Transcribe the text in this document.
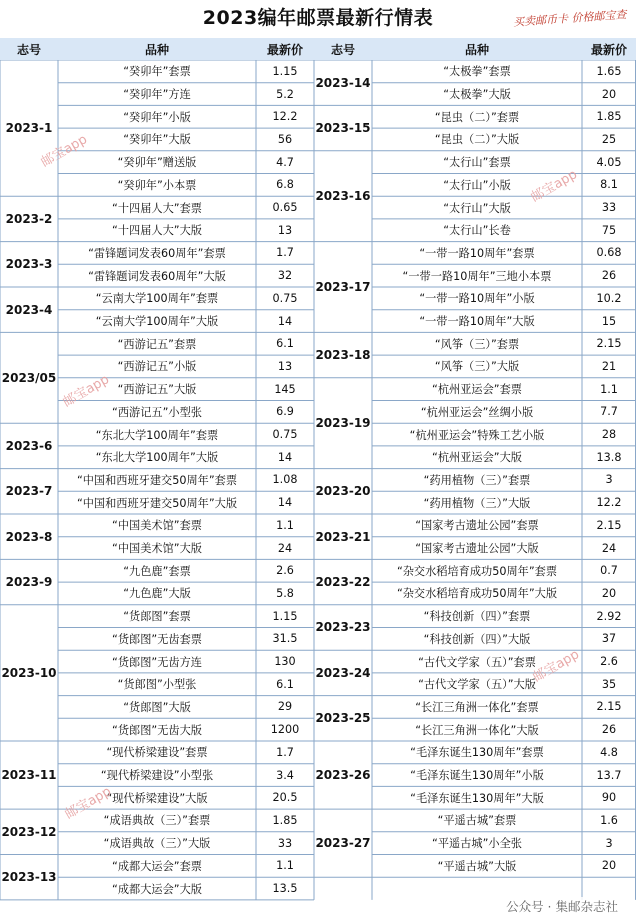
2023编年邮票最新行情表	买卖邮币卡 价格邮宝查
志号	品种	最新价	志号	品种	最新价
2023-1
“癸卯年”套票	1.15
“癸卯年”方连	5.2
“癸卯年”小版	12.2
“癸卯年”大版	56
“癸卯年”赠送版	4.7
“癸卯年”小本票	6.8
2023-2
“十四届人大”套票	0.65
“十四届人大”大版	13
2023-3
“雷锋题词发表60周年”套票	1.7
“雷锋题词发表60周年”大版	32
2023-4
“云南大学100周年”套票	0.75
“云南大学100周年”大版	14
2023/05
“西游记五”套票	6.1
“西游记五”小版	13
“西游记五”大版	145
“西游记五”小型张	6.9
2023-6
“东北大学100周年”套票	0.75
“东北大学100周年”大版	14
2023-7
“中国和西班牙建交50周年”套票	1.08
“中国和西班牙建交50周年”大版	14
2023-8
“中国美术馆”套票	1.1
“中国美术馆”大版	24
2023-9
“九色鹿”套票	2.6
“九色鹿”大版	5.8
2023-10
“货郎图”套票	1.15
“货郎图”无齿套票	31.5
“货郎图”无齿方连	130
“货郎图”小型张	6.1
“货郎图”大版	29
“货郎图”无齿大版	1200
2023-11
“现代桥梁建设”套票	1.7
“现代桥梁建设”小型张	3.4
“现代桥梁建设”大版	20.5
2023-12
“成语典故（三）”套票	1.85
“成语典故（三）”大版	33
2023-13
“成都大运会”套票	1.1
“成都大运会”大版	13.5
2023-14
“太极拳”套票	1.65
“太极拳”大版	20
2023-15
“昆虫（二）”套票	1.85
“昆虫（二）”大版	25
2023-16
“太行山”套票	4.05
“太行山”小版	8.1
“太行山”大版	33
“太行山”长卷	75
2023-17
“一带一路10周年”套票	0.68
“一带一路10周年”三地小本票	26
“一带一路10周年”小版	10.2
“一带一路10周年”大版	15
2023-18
“风筝（三）”套票	2.15
“风筝（三）”大版	21
2023-19
“杭州亚运会”套票	1.1
“杭州亚运会”丝绸小版	7.7
“杭州亚运会”特殊工艺小版	28
“杭州亚运会”大版	13.8
2023-20
“药用植物（三）”套票	3
“药用植物（三）”大版	12.2
2023-21
“国家考古遗址公园”套票	2.15
“国家考古遗址公园”大版	24
2023-22
“杂交水稻培育成功50周年”套票	0.7
“杂交水稻培育成功50周年”大版	20
2023-23
“科技创新（四）”套票	2.92
“科技创新（四）”大版	37
2023-24
“古代文学家（五）”套票	2.6
“古代文学家（五）”大版	35
2023-25
“长江三角洲一体化”套票	2.15
“长江三角洲一体化”大版	26
2023-26
“毛泽东诞生130周年”套票	4.8
“毛泽东诞生130周年”小版	13.7
“毛泽东诞生130周年”大版	90
2023-27
“平遥古城”套票	1.6
“平遥古城”小全张	3
“平遥古城”大版	20
邮宝app
邮宝app
邮宝app
邮宝app
邮宝app
公众号 · 集邮杂志社
